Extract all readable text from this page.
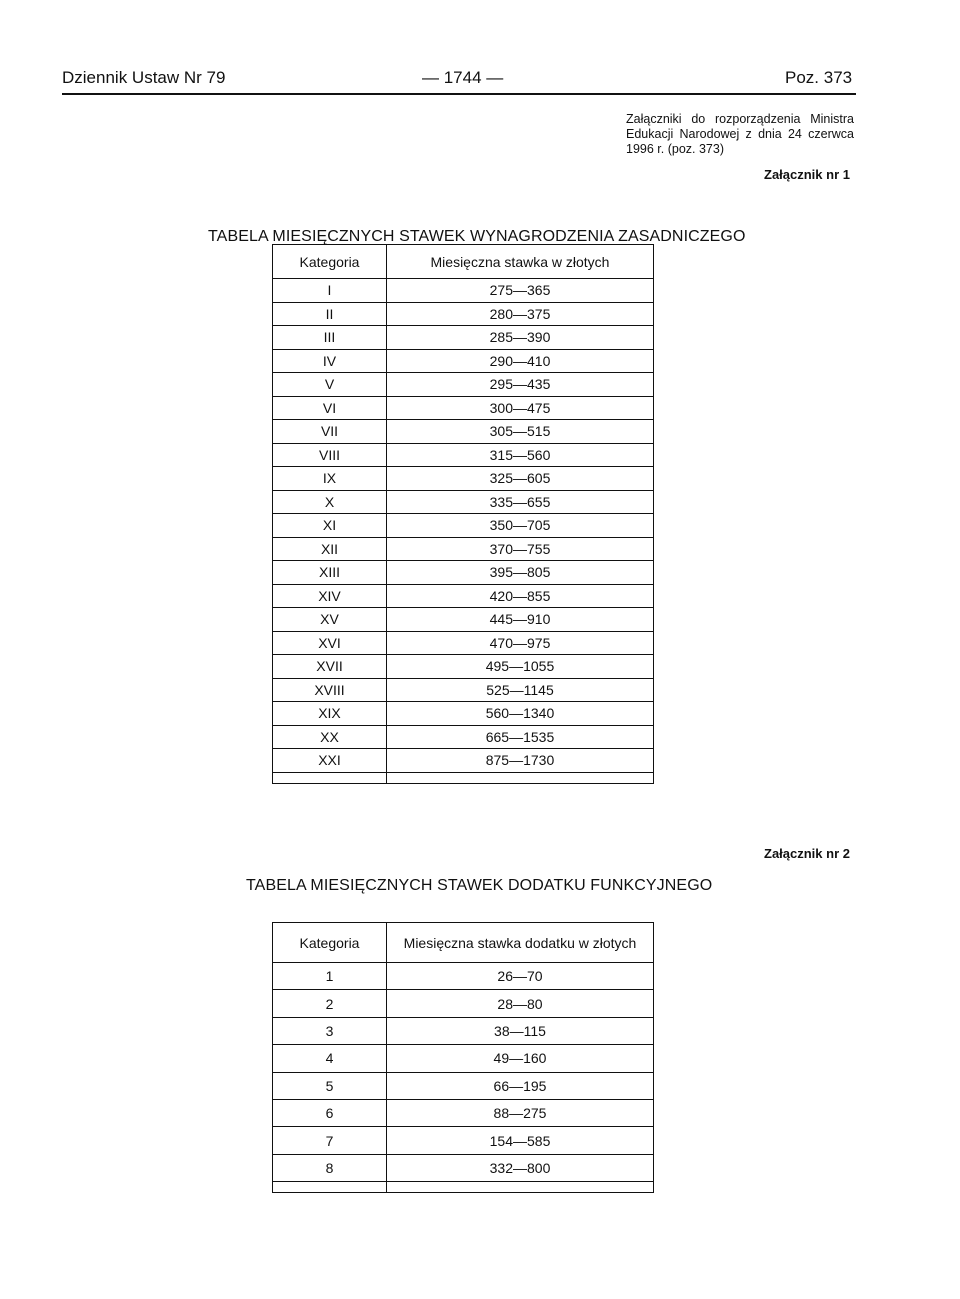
Dziennik Ustaw Nr 79	— 1744 —	Poz. 373
Załączniki do rozporządzenia Ministra Edukacji Narodowej z dnia 24 czerwca 1996 r. (poz. 373)
Załącznik nr 1
TABELA MIESIĘCZNYCH STAWEK WYNAGRODZENIA ZASADNICZEGO
Kategoria	Miesięczna stawka w złotych
I	275—365
II	280—375
III	285—390
IV	290—410
V	295—435
VI	300—475
VII	305—515
VIII	315—560
IX	325—605
X	335—655
XI	350—705
XII	370—755
XIII	395—805
XIV	420—855
XV	445—910
XVI	470—975
XVII	495—1055
XVIII	525—1145
XIX	560—1340
XX	665—1535
XXI	875—1730

Załącznik nr 2
TABELA MIESIĘCZNYCH STAWEK DODATKU FUNKCYJNEGO
Kategoria	Miesięczna stawka dodatku w złotych
1	26—70
2	28—80
3	38—115
4	49—160
5	66—195
6	88—275
7	154—585
8	332—800
